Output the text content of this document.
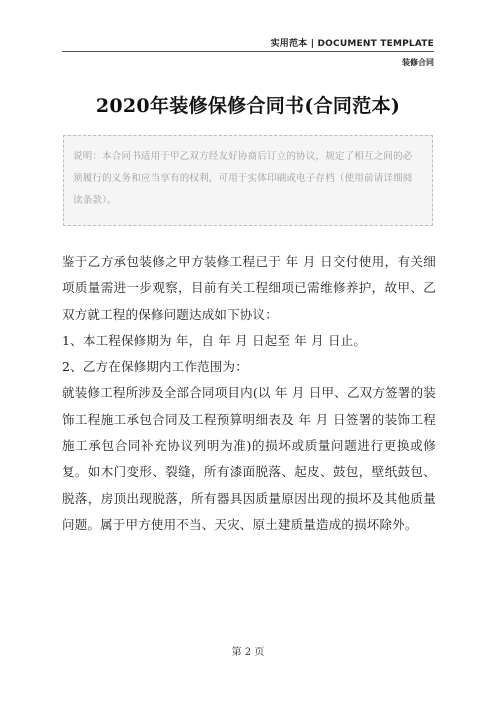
实用范本 | DOCUMENT TEMPLATE
装修合同
2020年装修保修合同书(合同范本)
说明：本合同书适用于甲乙双方经友好协商后订立的协议，规定了相互之间的必须履行的义务和应当享有的权利，可用于实体印刷或电子存档（使用前请详细阅读条款）。

鉴于乙方承包装修之甲方装修工程已于 年 月 日交付使用，有关细项质量需进一步观察，目前有关工程细项已需维修养护，故甲、乙双方就工程的保修问题达成如下协议：

1、本工程保修期为 年，自 年 月 日起至 年 月 日止。

2、乙方在保修期内工作范围为：

就装修工程所涉及全部合同项目内(以 年 月 日甲、乙双方签署的装饰工程施工承包合同及工程预算明细表及 年 月 日签署的装饰工程施工承包合同补充协议列明为准)的损坏或质量问题进行更换或修复。如木门变形、裂缝，所有漆面脱落、起皮、鼓包，壁纸鼓包、脱落，房顶出现脱落，所有器具因质量原因出现的损坏及其他质量问题。属于甲方使用不当、天灾、原土建质量造成的损坏除外。

第 2 页
